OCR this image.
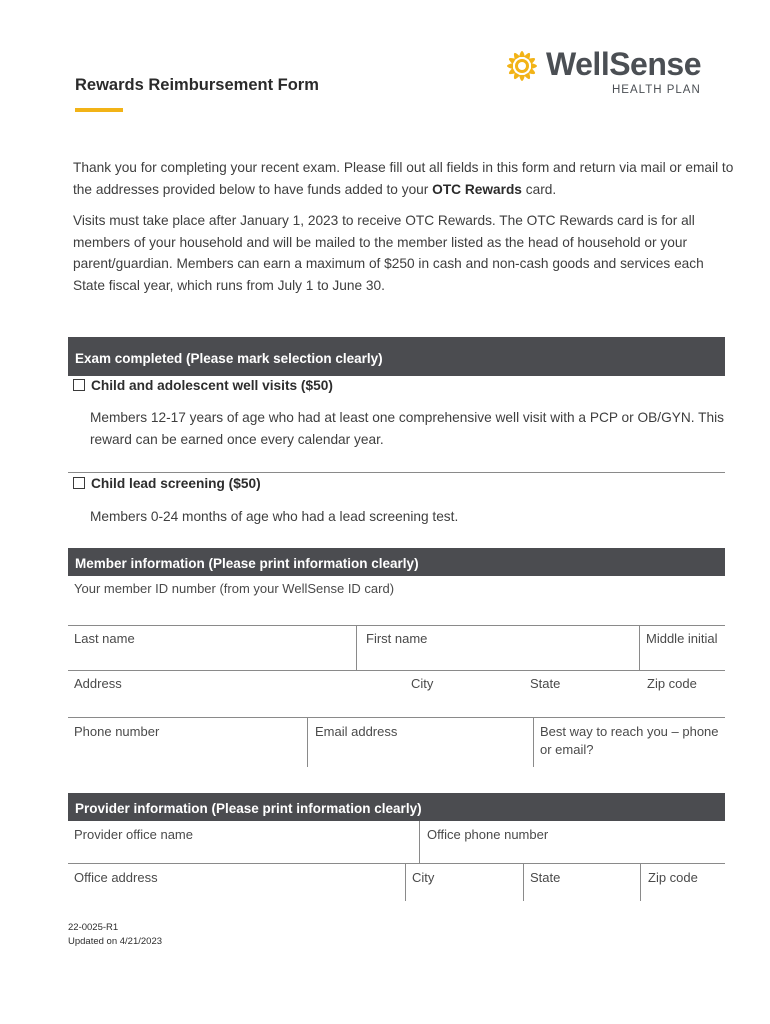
Rewards Reimbursement Form
WellSense
HEALTH PLAN
Thank you for completing your recent exam. Please fill out all fields in this form and return via mail or email to the addresses provided below to have funds added to your OTC Rewards card.
Visits must take place after January 1, 2023 to receive OTC Rewards. The OTC Rewards card is for all members of your household and will be mailed to the member listed as the head of household or your parent/guardian. Members can earn a maximum of $250 in cash and non-cash goods and services each State fiscal year, which runs from July 1 to June 30.
Exam completed (Please mark selection clearly)
Child and adolescent well visits ($50)
Members 12-17 years of age who had at least one comprehensive well visit with a PCP or OB/GYN. This reward can be earned once every calendar year.
Child lead screening ($50)
Members 0-24 months of age who had a lead screening test.
Member information (Please print information clearly)
Your member ID number (from your WellSense ID card)
Last name	First name	Middle initial
Address	City	State	Zip code
Phone number	Email address	Best way to reach you – phone or email?
Provider information (Please print information clearly)
Provider office name	Office phone number
Office address	City	State	Zip code
22-0025-R1
Updated on 4/21/2023
